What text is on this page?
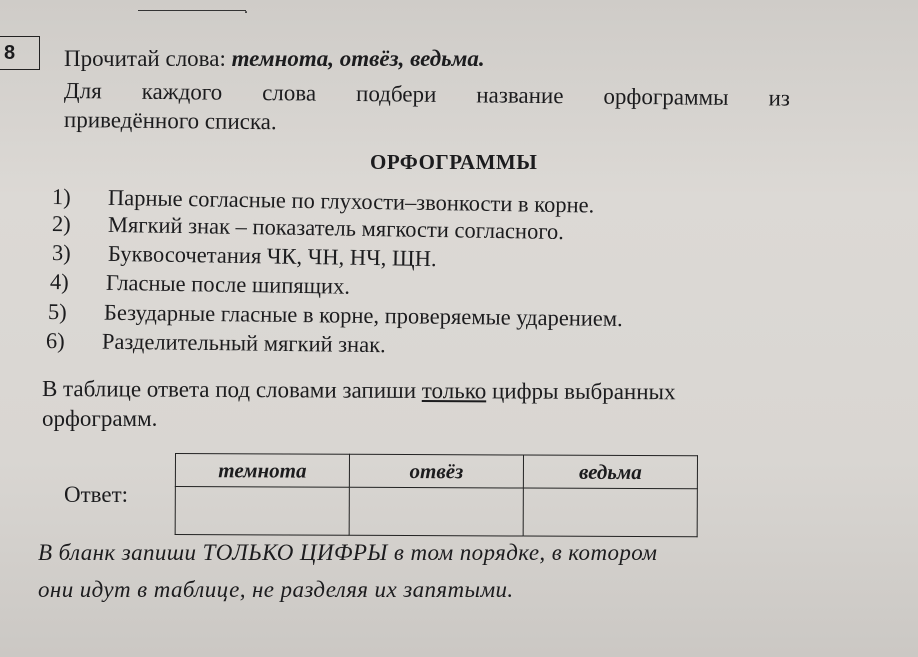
.
8	Прочитай слова: темнота, отвёз, ведьма.
Для каждого слова подбери название орфограммы из
приведённого списка.
ОРФОГРАММЫ
1) Парные согласные по глухости–звонкости в корне.
2) Мягкий знак – показатель мягкости согласного.
3) Буквосочетания ЧК, ЧН, НЧ, ЩН.
4) Гласные после шипящих.
5) Безударные гласные в корне, проверяемые ударением.
6) Разделительный мягкий знак.
В таблице ответа под словами запиши только цифры выбранных
орфограмм.
Ответ:
темнота	отвёз	ведьма

В бланк запиши ТОЛЬКО ЦИФРЫ в том порядке, в котором
они идут в таблице, не разделяя их запятыми.
